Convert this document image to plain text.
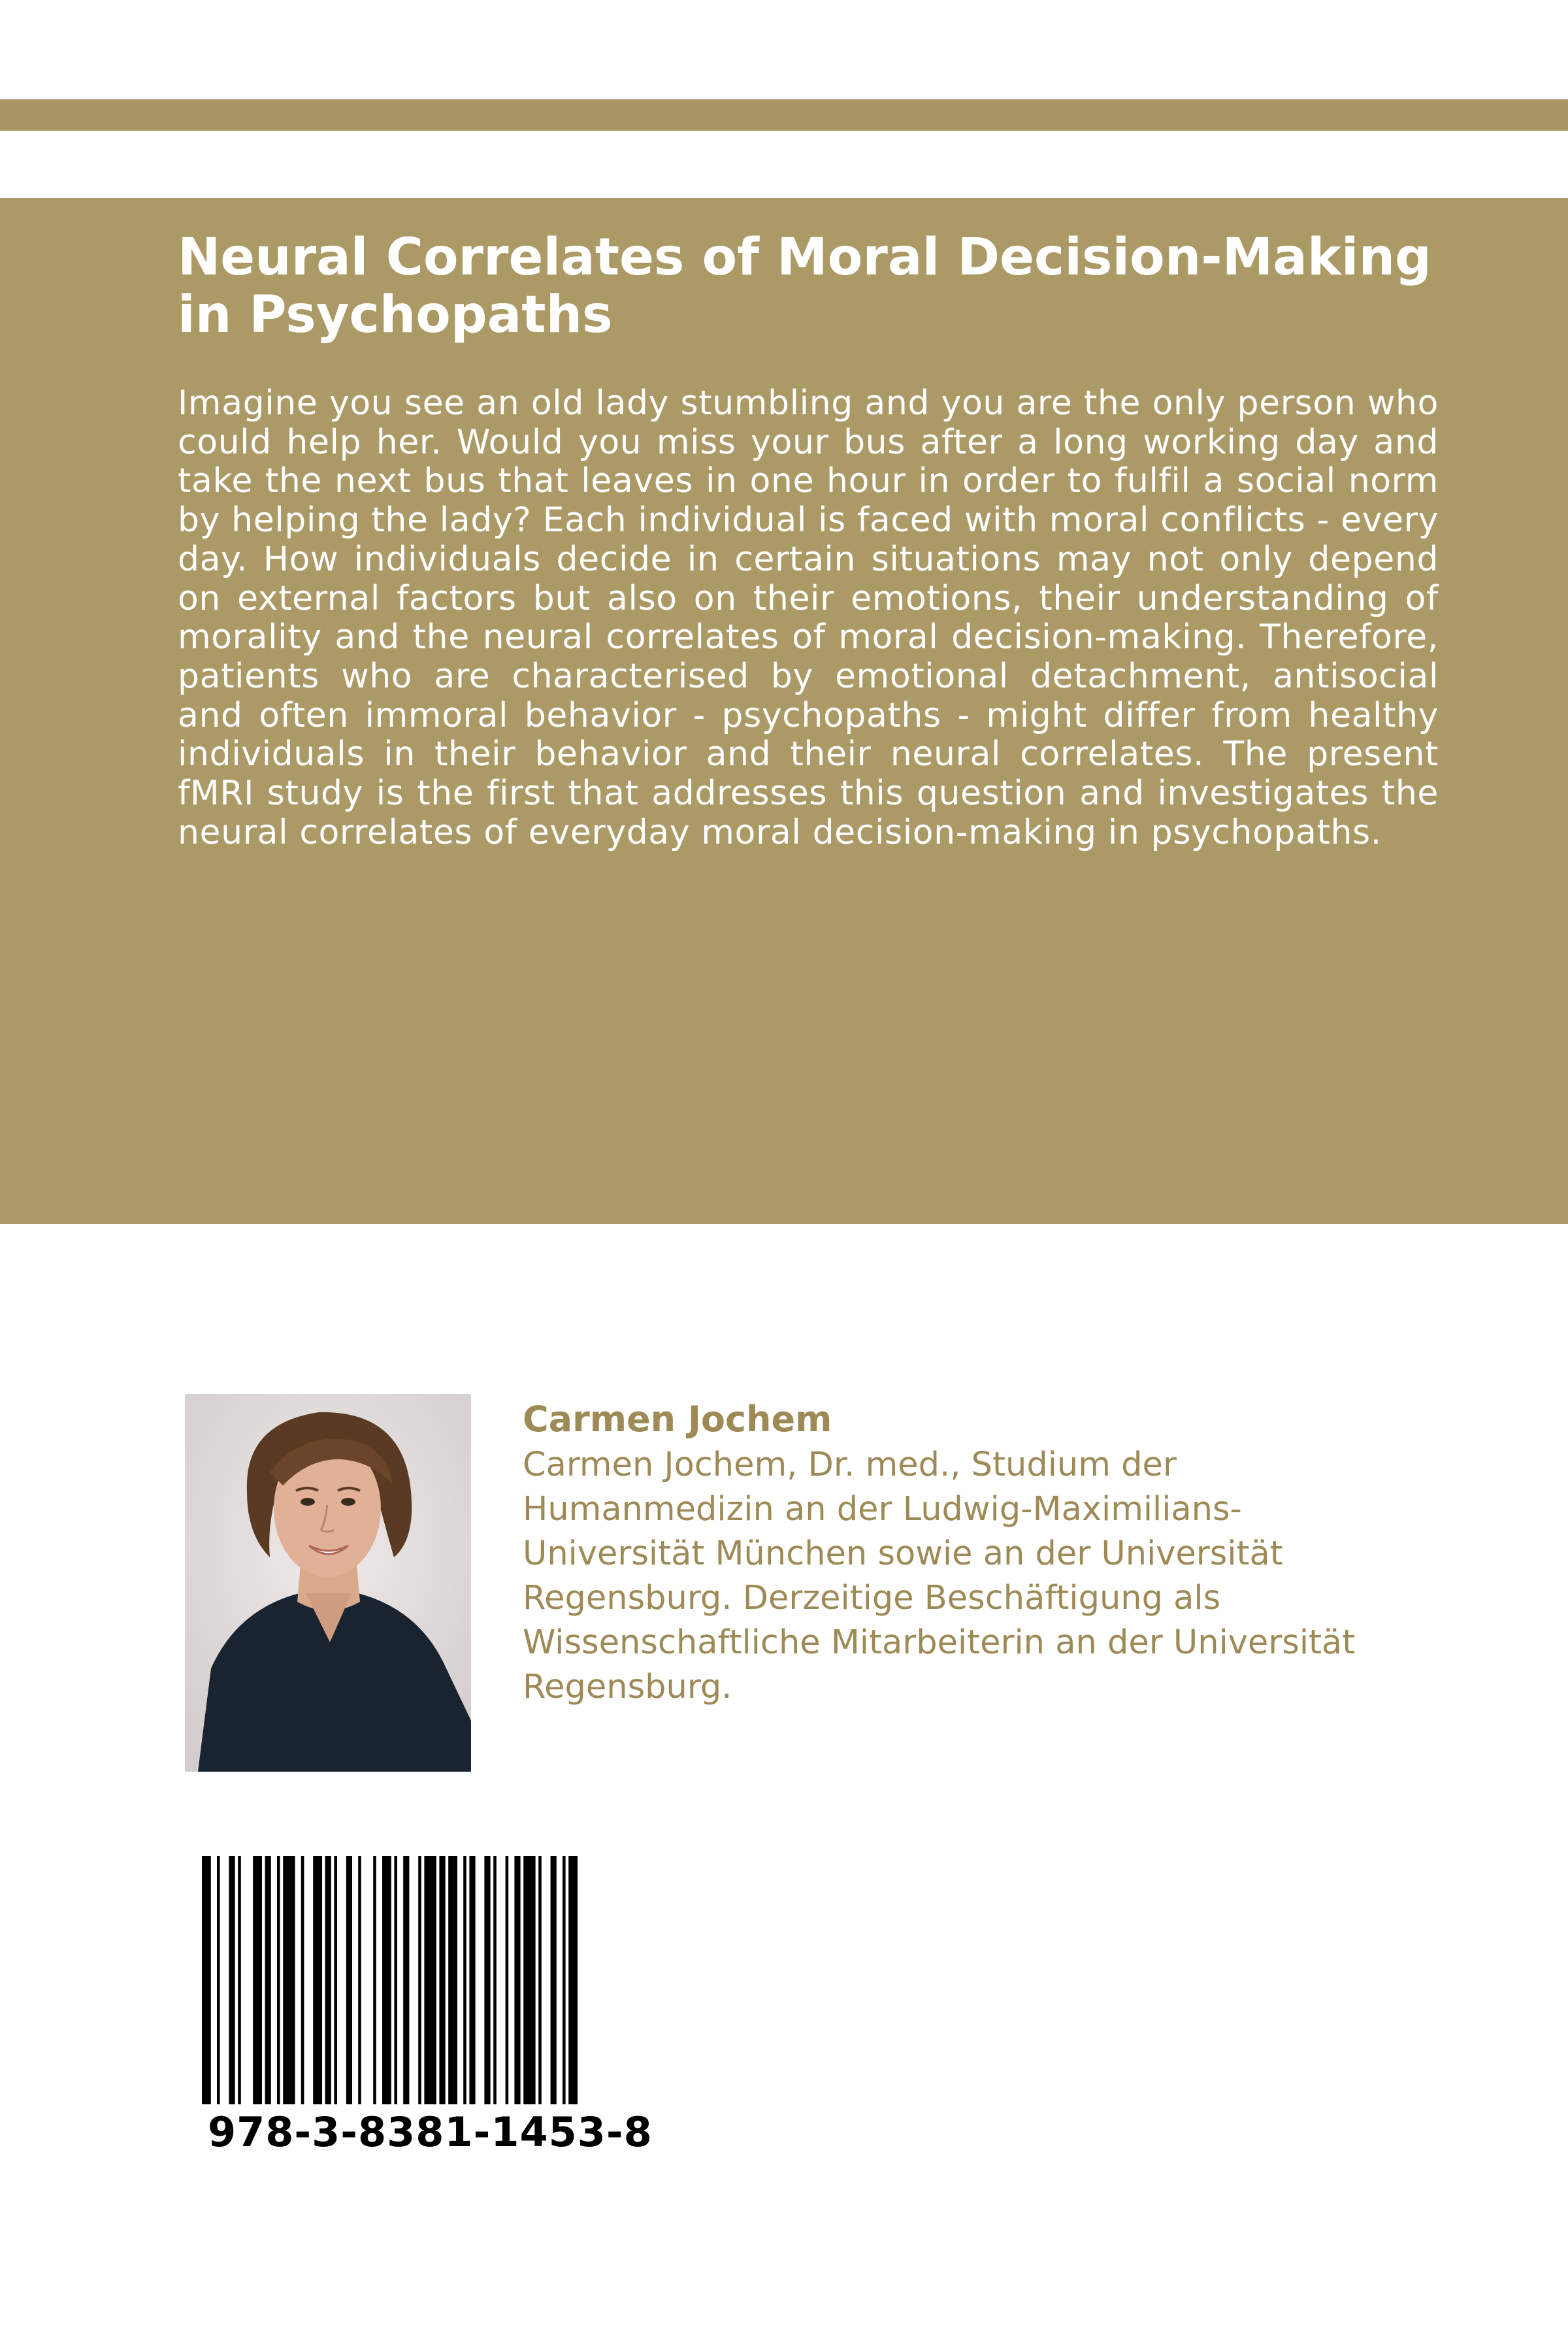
Neural Correlates of Moral Decision-Making in Psychopaths

Imagine you see an old lady stumbling and you are the only person who could help her. Would you miss your bus after a long working day and take the next bus that leaves in one hour in order to fulfil a social norm by helping the lady? Each individual is faced with moral conflicts - every day. How individuals decide in certain situations may not only depend on external factors but also on their emotions, their understanding of morality and the neural correlates of moral decision-making. Therefore, patients who are characterised by emotional detachment, antisocial and often immoral behavior - psychopaths - might differ from healthy individuals in their behavior and their neural correlates. The present fMRI study is the first that addresses this question and investigates the neural correlates of everyday moral decision-making in psychopaths.

Carmen Jochem
Carmen Jochem, Dr. med., Studium der
Humanmedizin an der Ludwig-Maximilians-
Universität München sowie an der Universität
Regensburg. Derzeitige Beschäftigung als
Wissenschaftliche Mitarbeiterin an der Universität
Regensburg.
978-3-8381-1453-8
